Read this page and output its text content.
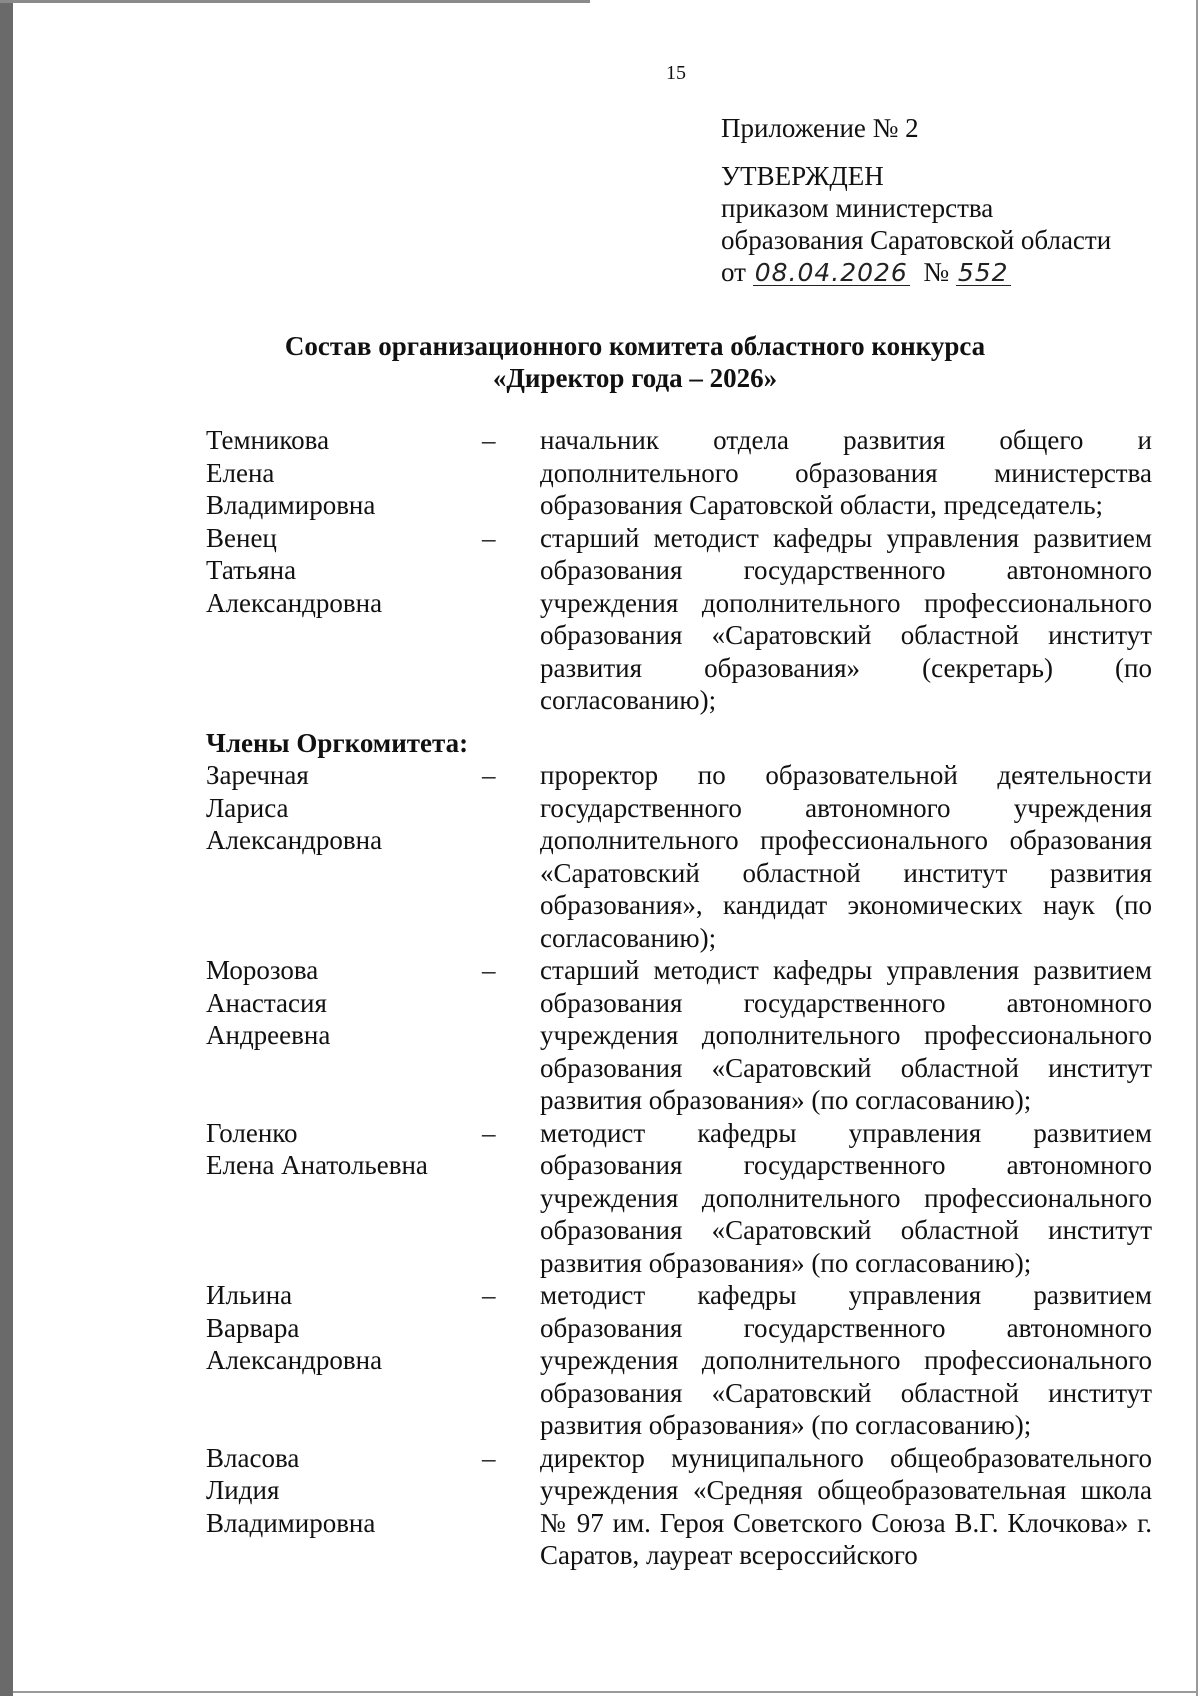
15
Приложение № 2
УТВЕРЖДЕН
приказом министерства
образования Саратовской области
от 08.04.2026 № 552
Состав организационного комитета областного конкурса
«Директор года – 2026»
Темникова
Елена
Владимировна
–	начальник отдела развития общего и дополнительного образования министерства образования Саратовской области, председатель;
Венец
Татьяна
Александровна
–	старший методист кафедры управления развитием образования государственного автономного учреждения дополнительного профессионального образования «Саратовский областной институт развития образования» (секретарь) (по согласованию);
Члены Оргкомитета:
Заречная
Лариса
Александровна
–	проректор по образовательной деятельности государственного автономного учреждения дополнительного профессионального образования «Саратовский областной институт развития образования», кандидат экономических наук (по согласованию);
Морозова
Анастасия
Андреевна
–	старший методист кафедры управления развитием образования государственного автономного учреждения дополнительного профессионального образования «Саратовский областной институт развития образования» (по согласованию);
Голенко
Елена Анатольевна
–	методист кафедры управления развитием образования государственного автономного учреждения дополнительного профессионального образования «Саратовский областной институт развития образования» (по согласованию);
Ильина
Варвара
Александровна
–	методист кафедры управления развитием образования государственного автономного учреждения дополнительного профессионального образования «Саратовский областной институт развития образования» (по согласованию);
Власова
Лидия
Владимировна
–	директор муниципального общеобразовательного учреждения «Средняя общеобразовательная школа № 97 им. Героя Советского Союза В.Г. Клочкова» г. Саратов, лауреат всероссийского
